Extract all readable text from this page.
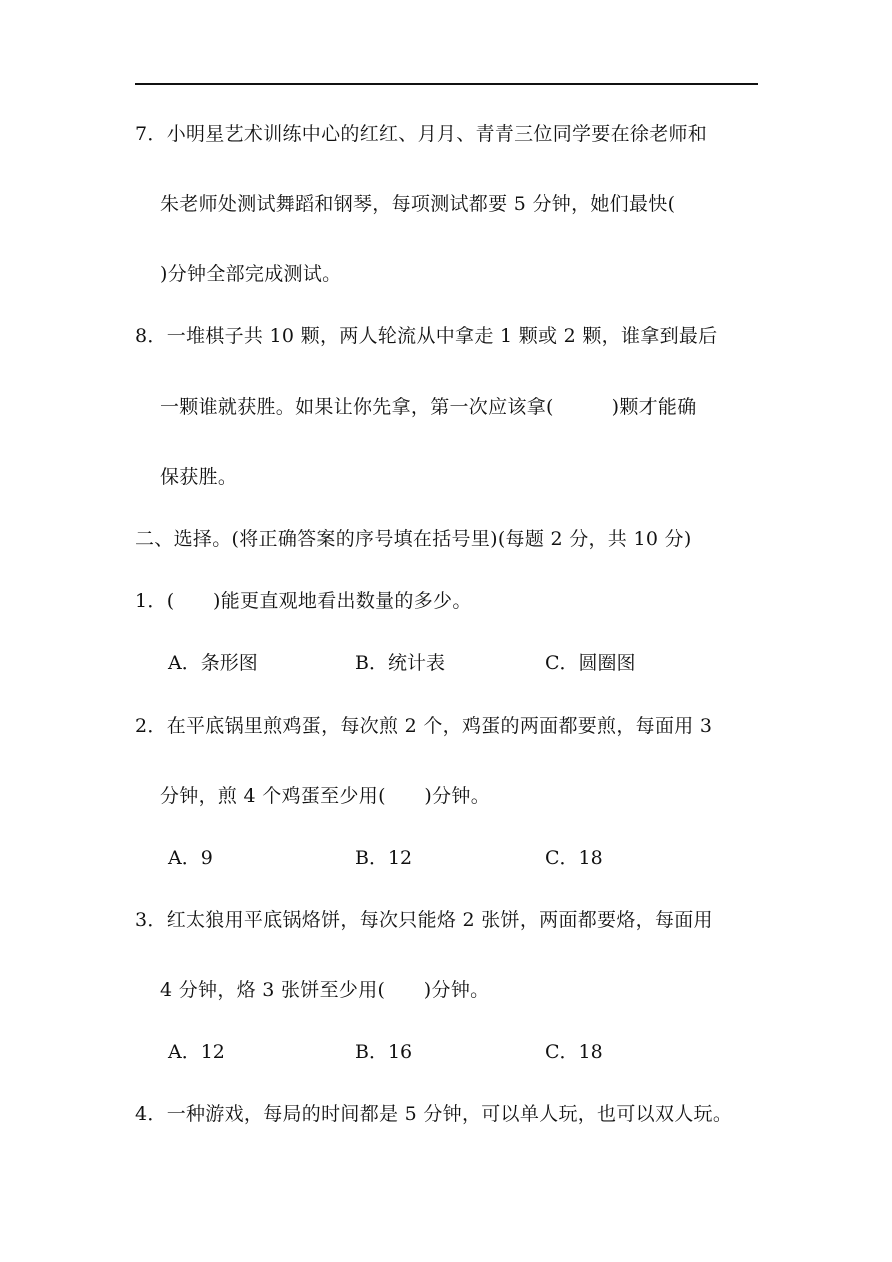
7．小明星艺术训练中心的红红、月月、青青三位同学要在徐老师和
朱老师处测试舞蹈和钢琴，每项测试都要 5 分钟，她们最快(
)分钟全部完成测试。
8．一堆棋子共 10 颗，两人轮流从中拿走 1 颗或 2 颗，谁拿到最后
一颗谁就获胜。如果让你先拿，第一次应该拿(　　　)颗才能确
保获胜。
二、选择。(将正确答案的序号填在括号里)(每题 2 分，共 10 分)
1．(　　)能更直观地看出数量的多少。
A．条形图	B．统计表	C．圆圈图
2．在平底锅里煎鸡蛋，每次煎 2 个，鸡蛋的两面都要煎，每面用 3
分钟，煎 4 个鸡蛋至少用(　　)分钟。
A．9	B．12	C．18
3．红太狼用平底锅烙饼，每次只能烙 2 张饼，两面都要烙，每面用
4 分钟，烙 3 张饼至少用(　　)分钟。
A．12	B．16	C．18
4．一种游戏，每局的时间都是 5 分钟，可以单人玩，也可以双人玩。
